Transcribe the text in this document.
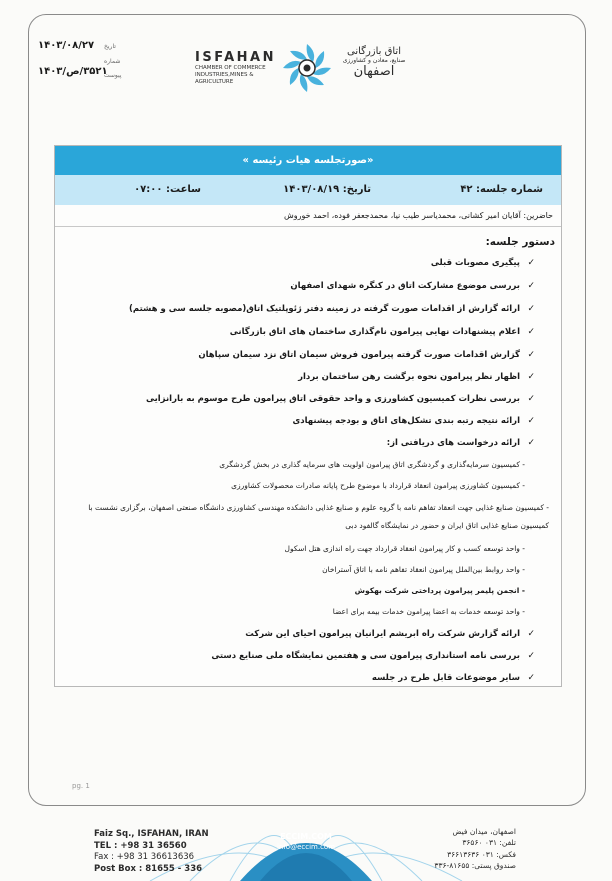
۱۴۰۳/۰۸/۲۷ تاریخ
شماره
۳۵۲۱/ص/۱۴۰۳
پیوست
ISFAHAN
CHAMBER OF COMMERCE
INDUSTRIES,MINES & AGRICULTURE
اتاق بازرگانی
صنایع، معادن و کشاورزی
اصفهان
«صورتجلسه هیات رئیسه »
شماره جلسه: ۴۲
تاریخ: ۱۴۰۳/۰۸/۱۹
ساعت: ۰۷:۰۰
حاضرین: آقایان امیر کشانی، محمدیاسر طیب نیا، محمدجعفر فوده، احمد خوروش
دستور جلسه:
✓پیگیری مصوبات قبلی
✓بررسی موضوع مشارکت اتاق در کنگره شهدای اصفهان
✓ارائه گزارش از اقدامات صورت گرفته در زمینه دفتر ژئوپلتیک اتاق(مصوبه جلسه سی و هشتم)
✓اعلام پیشنهادات نهایی پیرامون نام‌گذاری ساختمان های اتاق بازرگانی
✓گزارش اقدامات صورت گرفته پیرامون فروش سیمان اتاق نزد سیمان سپاهان
✓اظهار نظر پیرامون نحوه برگشت رهن ساختمان بردار
✓بررسی نظرات کمیسیون کشاورزی و واحد حقوقی اتاق پیرامون طرح موسوم به بارانزایی
✓ارائه نتیجه رتبه بندی تشکل‌های اتاق و بودجه پیشنهادی
✓ارائه درخواست های دریافتی از:
- کمیسیون سرمایه‌گذاری و گردشگری اتاق پیرامون اولویت های سرمایه گذاری در بخش گردشگری
- کمیسیون کشاورزی پیرامون انعقاد قرارداد با موضوع طرح پایانه صادرات محصولات کشاورزی
- کمیسیون صنایع غذایی جهت انعقاد تفاهم نامه با گروه علوم و صنایع غذایی دانشکده مهندسی کشاورزی دانشگاه صنعتی اصفهان، برگزاری نشست با کمیسیون صنایع غذایی اتاق ایران و حضور در نمایشگاه گالفود دبی
- واحد توسعه کسب و کار پیرامون انعقاد قرارداد جهت راه اندازی هتل اسکول
- واحد روابط بین‌الملل پیرامون انعقاد تفاهم نامه با اتاق آستراخان
- انجمن پلیمر پیرامون پرداختی شرکت بهکوش
- واحد توسعه خدمات به اعضا پیرامون خدمات بیمه برای اعضا
✓ارائه گزارش شرکت راه ابریشم ایرانیان پیرامون احیای این شرکت
✓بررسی نامه استانداری پیرامون سی و هفتمین نمایشگاه ملی صنایع دستی
✓سایر موضوعات قابل طرح در جلسه
pg. 1
Faiz Sq., ISFAHAN, IRAN
TEL : +98 31 36560
Fax : +98 31 36613636
Post Box : 81655 - 336
ECCIM.COM
info@eccim.com
اصفهان، میدان فیض
تلفن: ۰۳۱ ۳۶۵۶۰
فکس: ۰۳۱ ۳۶۶۱۳۶۳۶
صندوق پستی: ۸۱۶۵۵-۳۳۶
